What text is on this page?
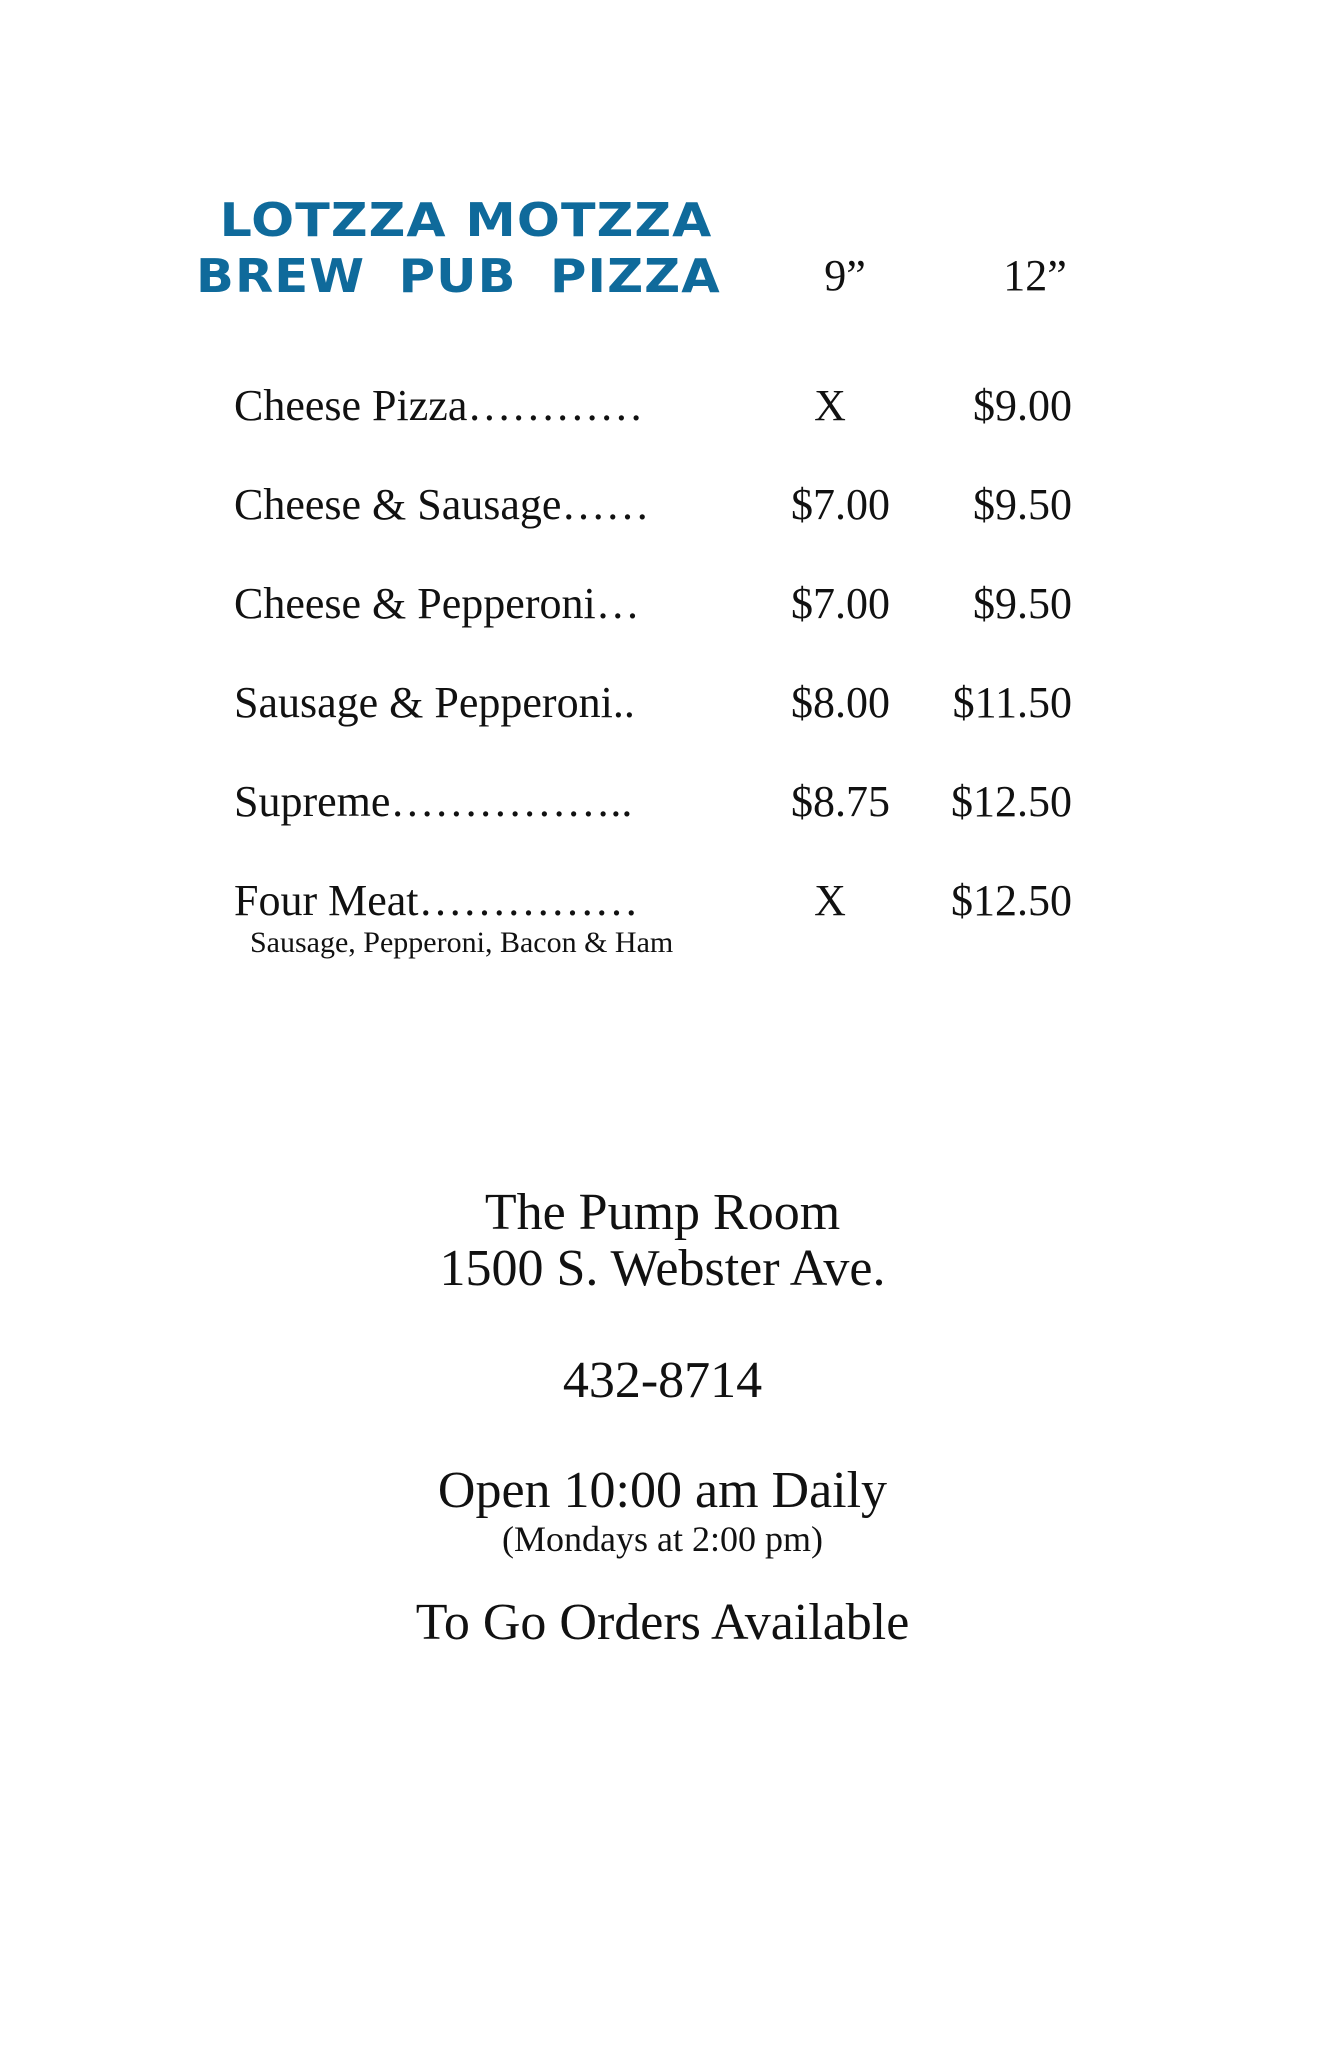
LOTZZA MOTZZA
BREW PUB PIZZA	9”	12”
Cheese Pizza…………	X	$9.00
Cheese & Sausage……	$7.00	$9.50
Cheese & Pepperoni…	$7.00	$9.50
Sausage & Pepperoni..	$8.00	$11.50
Supreme……………..	$8.75	$12.50
Four Meat……………	X	$12.50
Sausage, Pepperoni, Bacon & Ham
The Pump Room
1500 S. Webster Ave.
432-8714
Open 10:00 am Daily
(Mondays at 2:00 pm)
To Go Orders Available
